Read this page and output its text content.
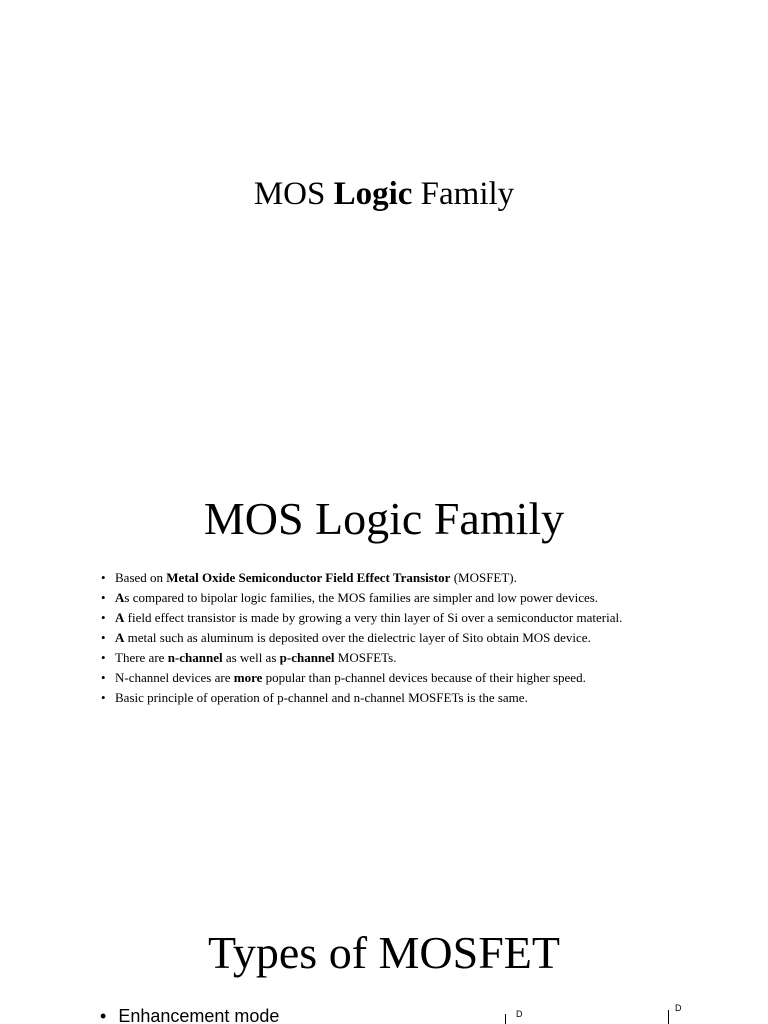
MOS Logic Family
MOS Logic Family
• Based on Metal Oxide Semiconductor Field Effect Transistor (MOSFET).
• As compared to bipolar logic families, the MOS families are simpler and low power devices.
• A field effect transistor is made by growing a very thin layer of Si over a semiconductor material.
• A metal such as aluminum is deposited over the dielectric layer of Sito obtain MOS device.
• There are n-channel as well as p-channel MOSFETs.
• N-channel devices are more popular than p-channel devices because of their higher speed.
• Basic principle of operation of p-channel and n-channel MOSFETs is the same.
Types of MOSFET
• Enhancement mode	D
D
